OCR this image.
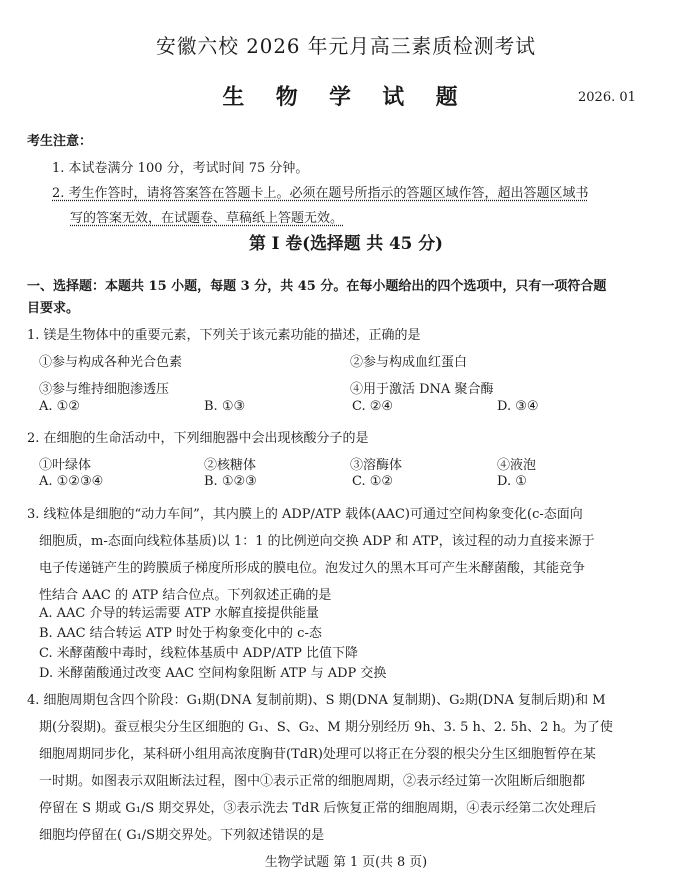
安徽六校 2026 年元月高三素质检测考试
生 物 学 试 题	2026. 01
考生注意：
1. 本试卷满分 100 分，考试时间 75 分钟。
2. 考生作答时，请将答案答在答题卡上。必须在题号所指示的答题区域作答，超出答题区域书
写的答案无效，在试题卷、草稿纸上答题无效。
第 Ⅰ 卷(选择题 共 45 分)
一、选择题：本题共 15 小题，每题 3 分，共 45 分。在每小题给出的四个选项中，只有一项符合题
目要求。
1. 镁是生物体中的重要元素，下列关于该元素功能的描述，正确的是
①参与构成各种光合色素	②参与构成血红蛋白
③参与维持细胞渗透压	④用于激活 DNA 聚合酶
A. ①②	B. ①③	C. ②④	D. ③④
2. 在细胞的生命活动中，下列细胞器中会出现核酸分子的是
①叶绿体	②核糖体	③溶酶体	④液泡
A. ①②③④	B. ①②③	C. ①②	D. ①
3. 线粒体是细胞的“动力车间”，其内膜上的 ADP/ATP 载体(AAC)可通过空间构象变化(c-态面向
细胞质，m-态面向线粒体基质)以 1：1 的比例逆向交换 ADP 和 ATP，该过程的动力直接来源于
电子传递链产生的跨膜质子梯度所形成的膜电位。泡发过久的黑木耳可产生米酵菌酸，其能竞争
性结合 AAC 的 ATP 结合位点。下列叙述正确的是
A. AAC 介导的转运需要 ATP 水解直接提供能量
B. AAC 结合转运 ATP 时处于构象变化中的 c-态
C. 米酵菌酸中毒时，线粒体基质中 ADP/ATP 比值下降
D. 米酵菌酸通过改变 AAC 空间构象阻断 ATP 与 ADP 交换
4. 细胞周期包含四个阶段：G₁期(DNA 复制前期)、S 期(DNA 复制期)、G₂期(DNA 复制后期)和 M
期(分裂期)。蚕豆根尖分生区细胞的 G₁、S、G₂、M 期分别经历 9h、3. 5 h、2. 5h、2 h。为了使
细胞周期同步化，某科研小组用高浓度胸苷(TdR)处理可以将正在分裂的根尖分生区细胞暂停在某
一时期。如图表示双阻断法过程，图中①表示正常的细胞周期，②表示经过第一次阻断后细胞都
停留在 S 期或 G₁/S 期交界处，③表示洗去 TdR 后恢复正常的细胞周期，④表示经第二次处理后
细胞均停留在( G₁/S期交界处。下列叙述错误的是
生物学试题 第 1 页(共 8 页)
